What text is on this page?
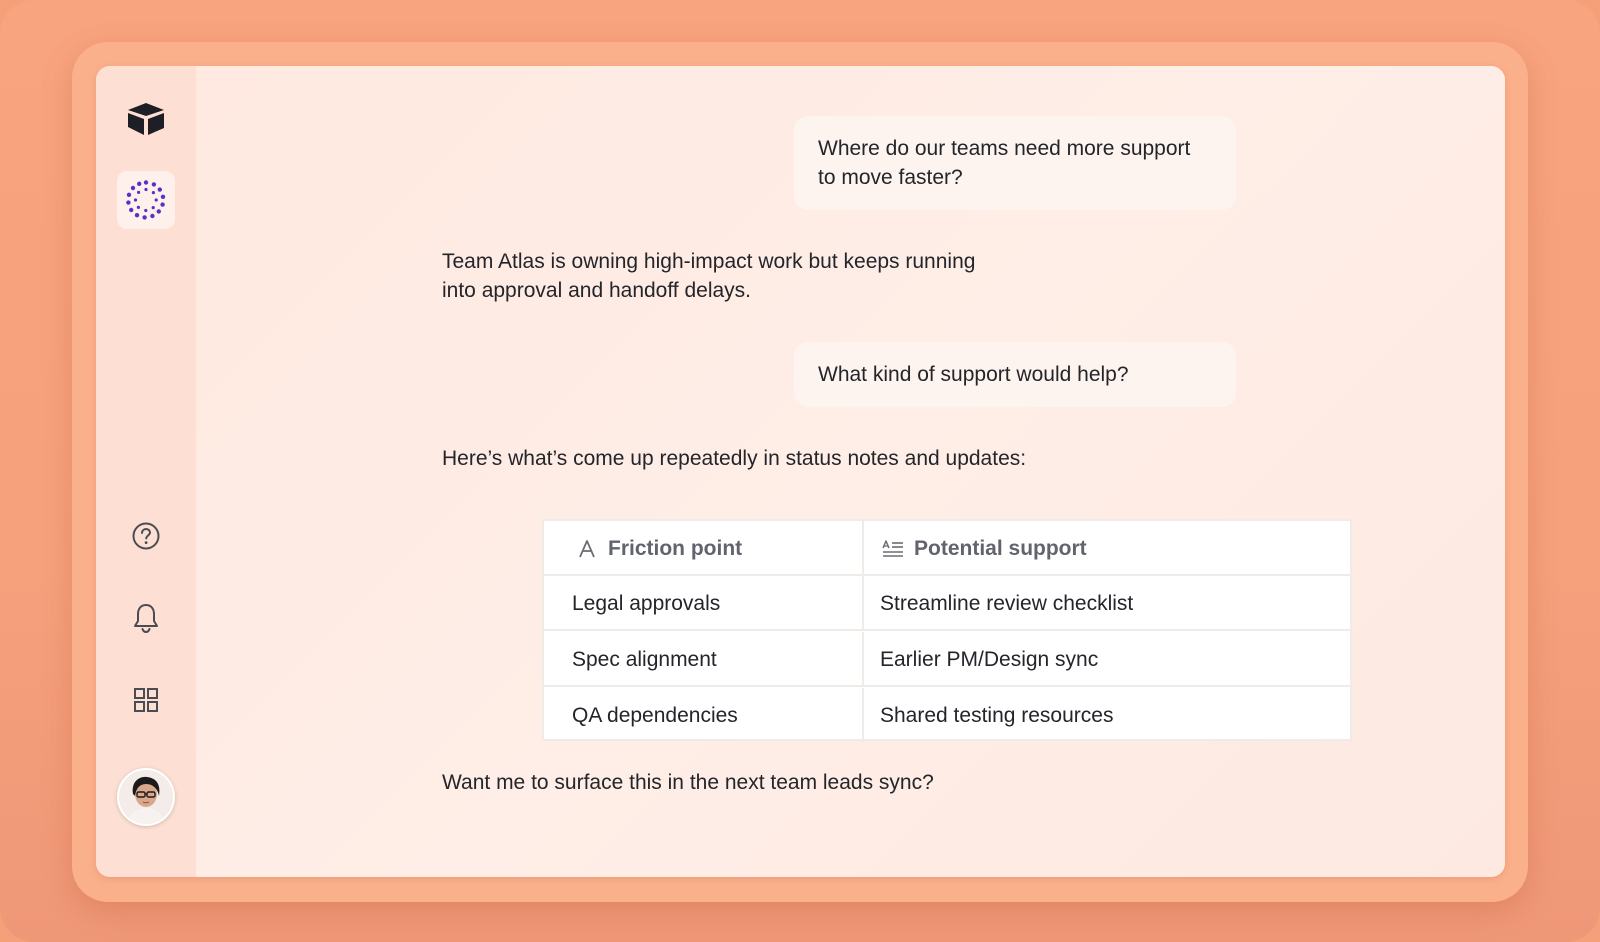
Where do our teams need more support
to move faster?
Team Atlas is owning high-impact work but keeps running
into approval and handoff delays.
What kind of support would help?
Here’s what’s come up repeatedly in status notes and updates:
Friction point	Potential support
Legal approvals	Streamline review checklist
Spec alignment	Earlier PM/Design sync
QA dependencies	Shared testing resources
Want me to surface this in the next team leads sync?
